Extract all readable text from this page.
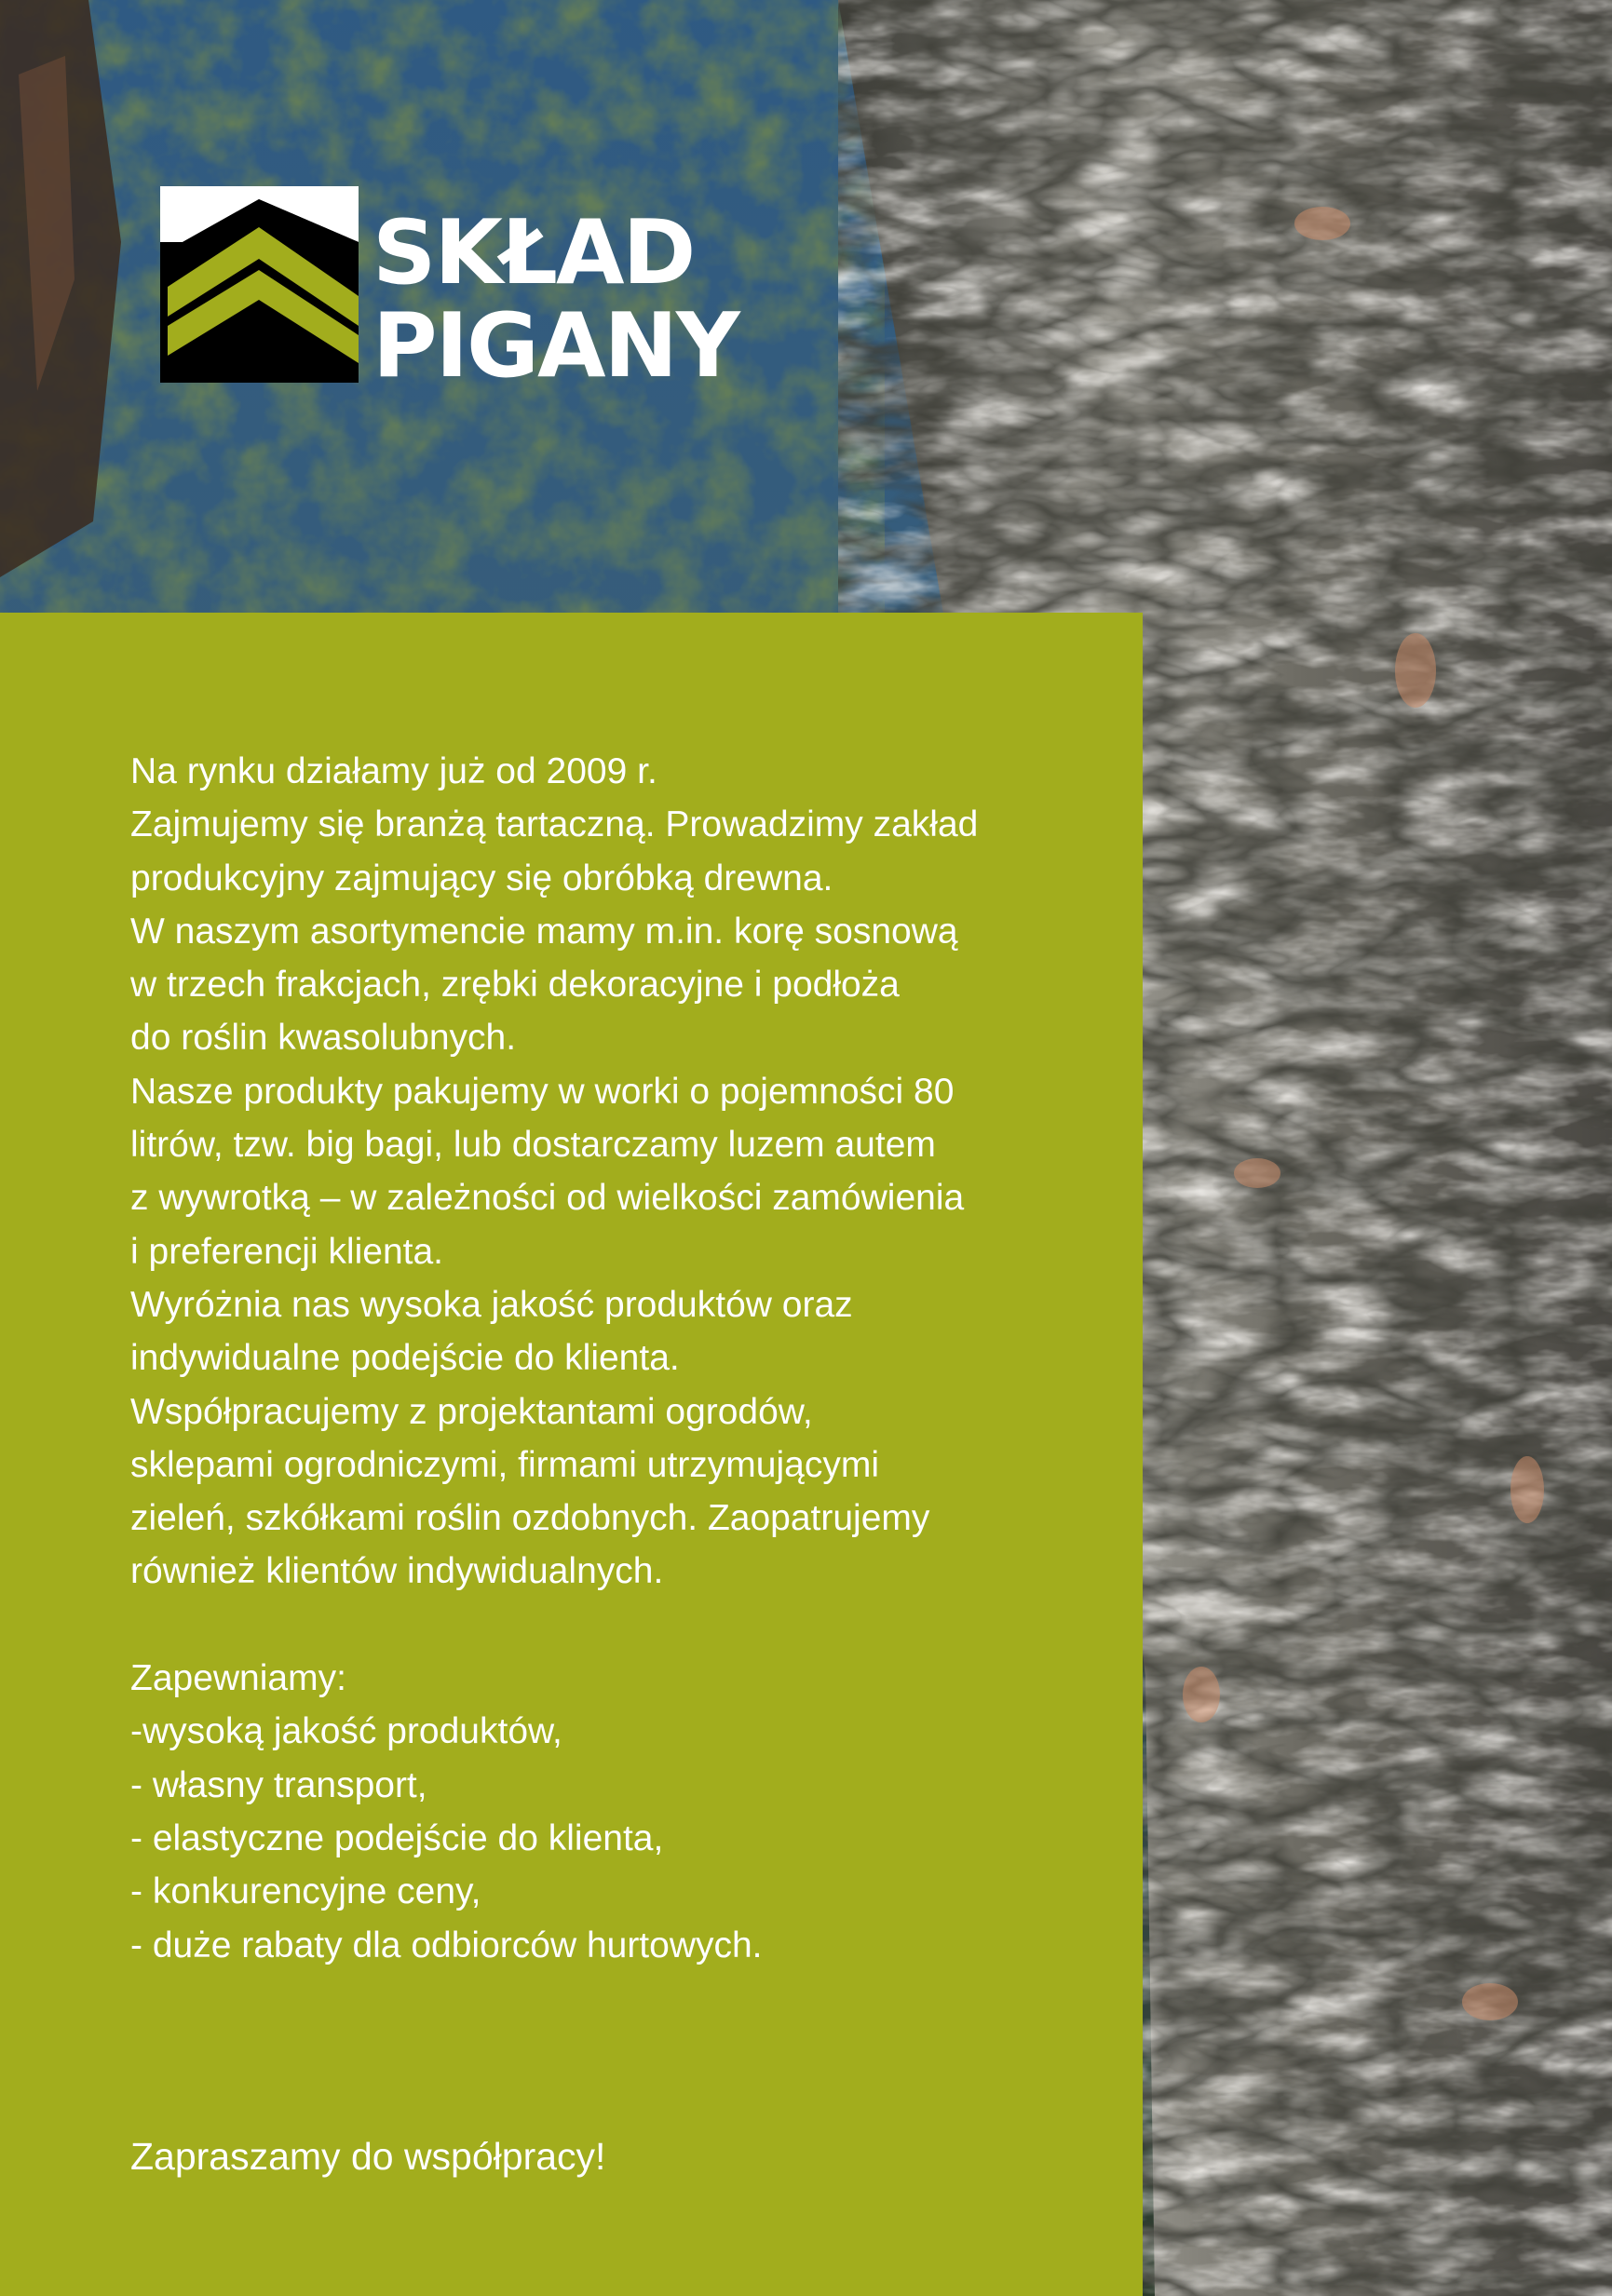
SKŁAD
PIGANY

Na rynku działamy już od 2009 r.

Zajmujemy się branżą tartaczną. Prowadzimy zakład

produkcyjny zajmujący się obróbką drewna.

W naszym asortymencie mamy m.in. korę sosnową

w trzech frakcjach, zrębki dekoracyjne i podłoża

do roślin kwasolubnych.

Nasze produkty pakujemy w worki o pojemności 80

litrów, tzw. big bagi, lub dostarczamy luzem autem

z wywrotką – w zależności od wielkości zamówienia

i preferencji klienta.

Wyróżnia nas wysoka jakość produktów oraz

indywidualne podejście do klienta.

Współpracujemy z projektantami ogrodów,

sklepami ogrodniczymi, firmami utrzymującymi

zieleń, szkółkami roślin ozdobnych. Zaopatrujemy

również klientów indywidualnych.

Zapewniamy:

-wysoką jakość produktów,

- własny transport,

- elastyczne podejście do klienta,

- konkurencyjne ceny,

- duże rabaty dla odbiorców hurtowych.

Zapraszamy do współpracy!
